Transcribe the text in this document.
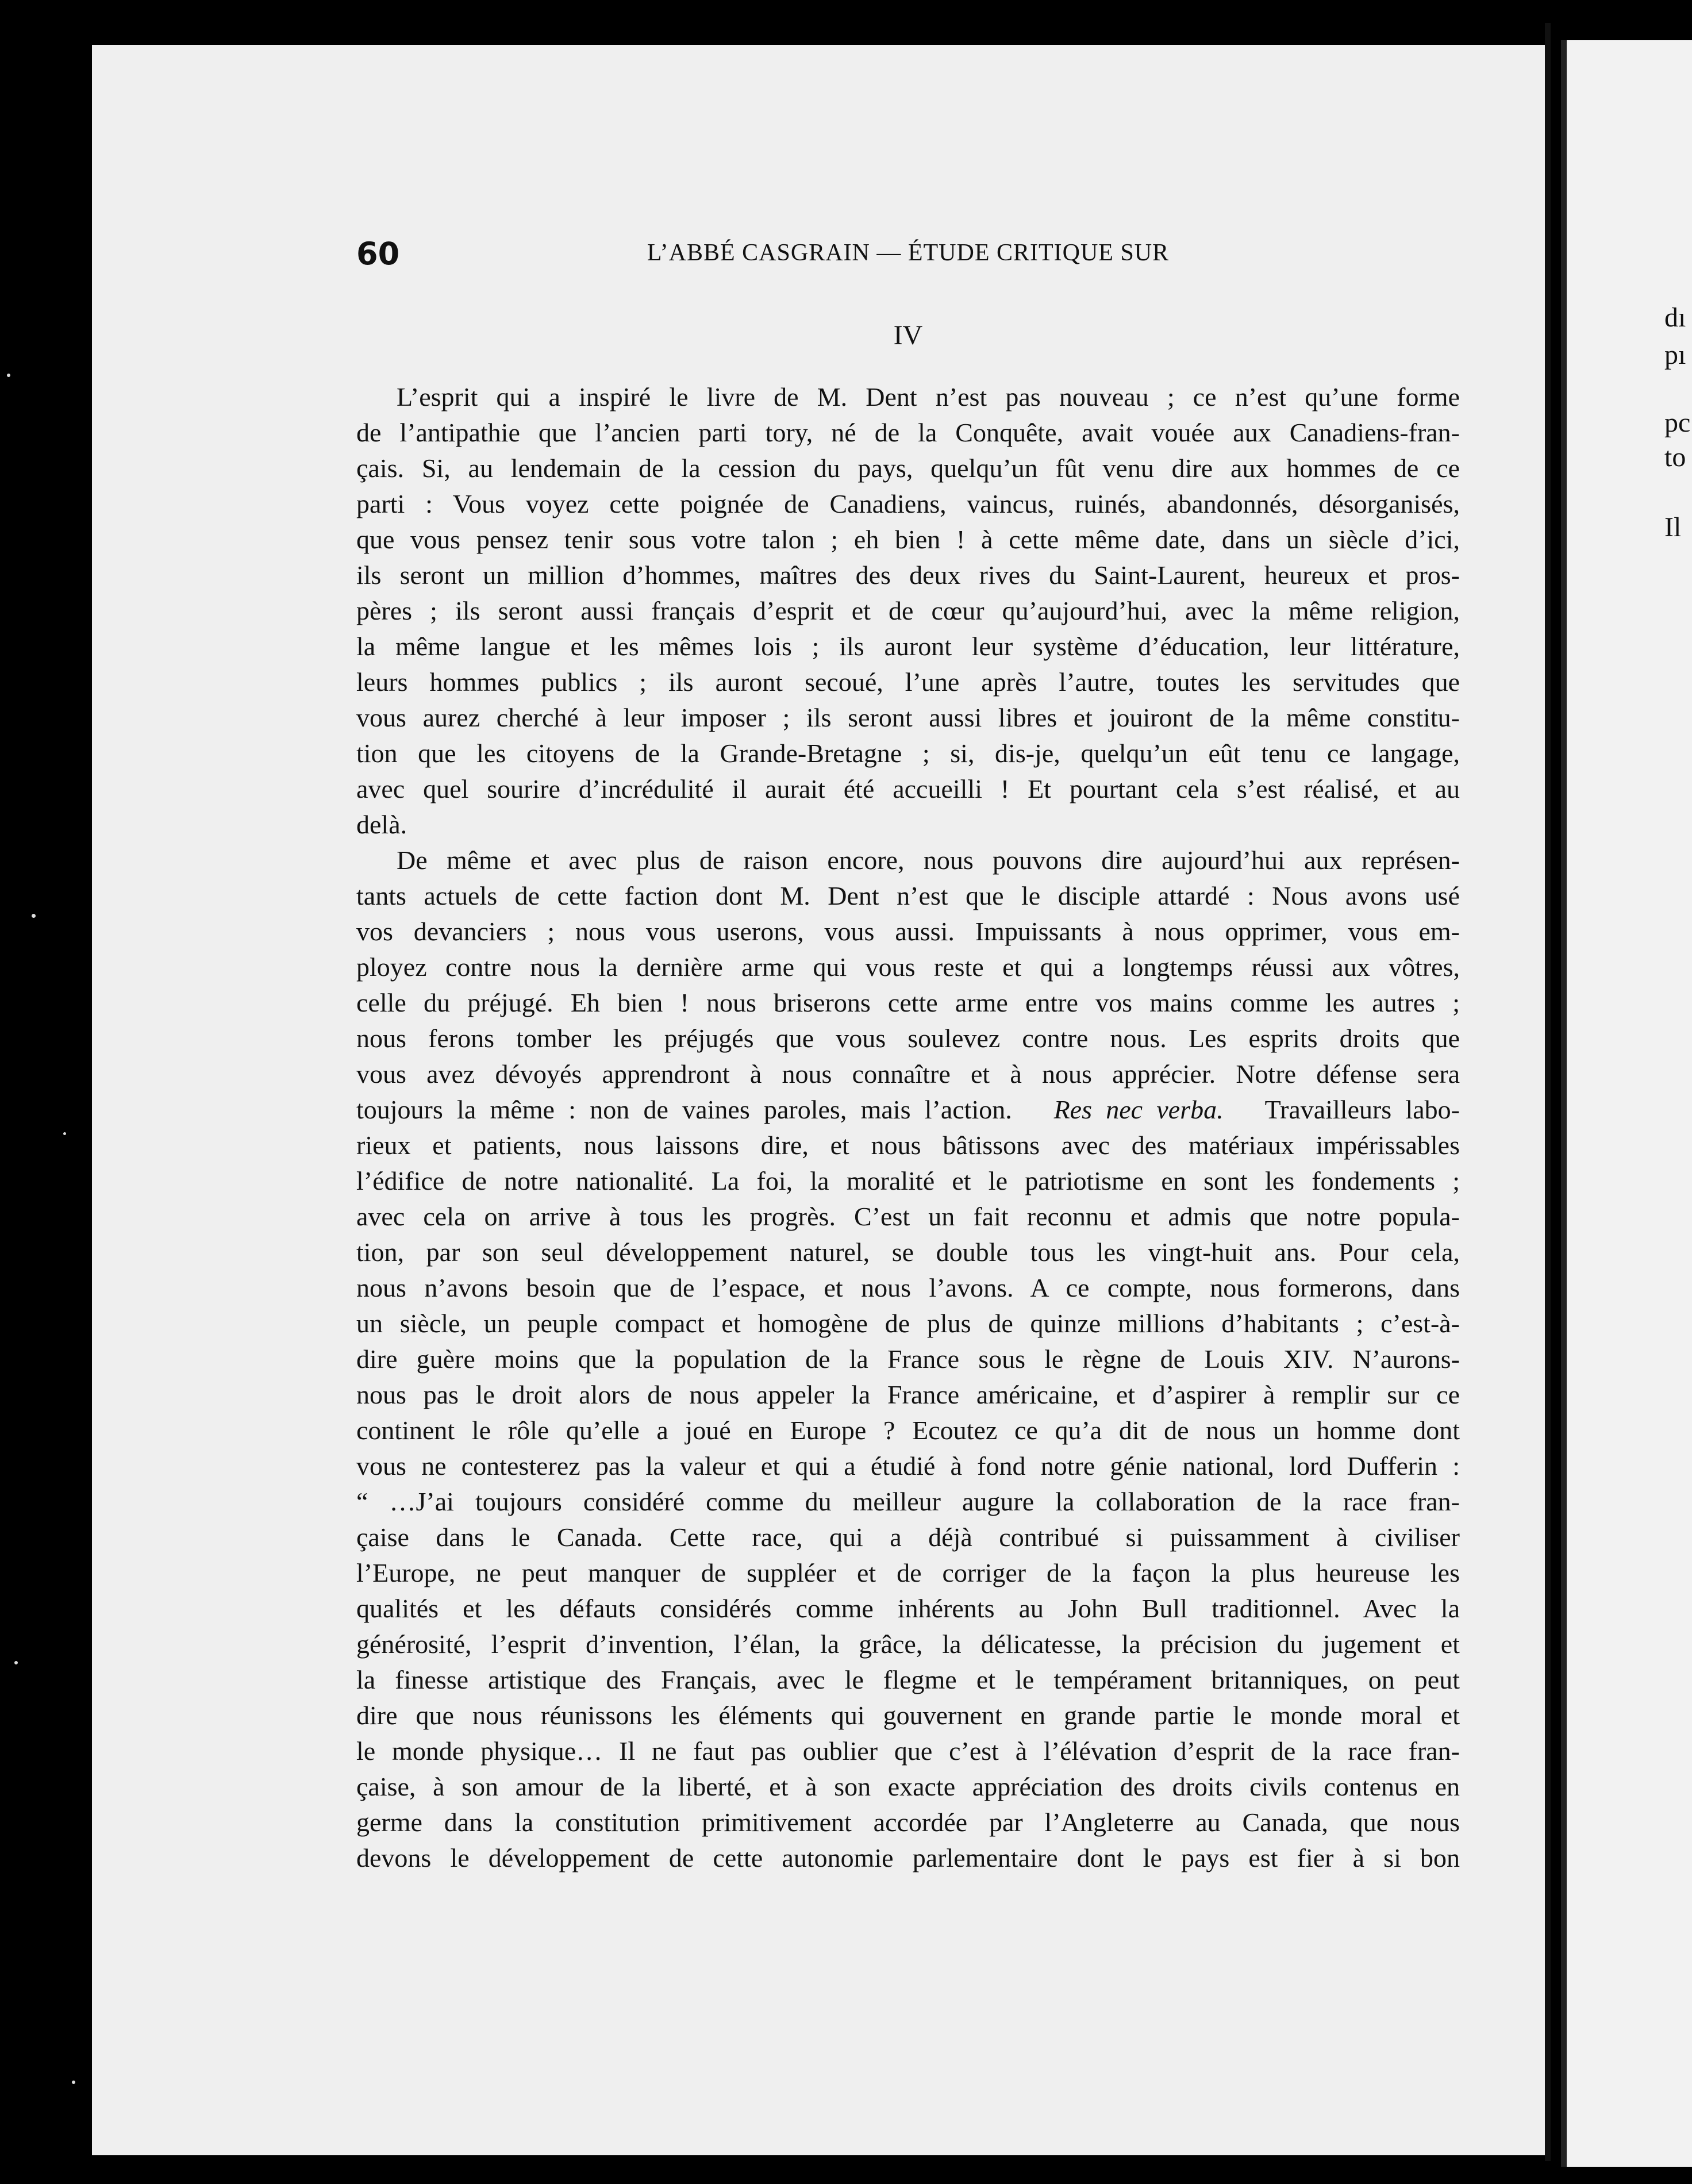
dı
pı
pc
to
Il
60	L’ABBÉ CASGRAIN — ÉTUDE CRITIQUE SUR
IV
L’esprit qui a inspiré le livre de M. Dent n’est pas nouveau ; ce n’est qu’une forme
de l’antipathie que l’ancien parti tory, né de la Conquête, avait vouée aux Canadiens-fran-
çais. Si, au lendemain de la cession du pays, quelqu’un fût venu dire aux hommes de ce
parti : Vous voyez cette poignée de Canadiens, vaincus, ruinés, abandonnés, désorganisés,
que vous pensez tenir sous votre talon ; eh bien ! à cette même date, dans un siècle d’ici,
ils seront un million d’hommes, maîtres des deux rives du Saint-Laurent, heureux et pros-
pères ; ils seront aussi français d’esprit et de cœur qu’aujourd’hui, avec la même religion,
la même langue et les mêmes lois ; ils auront leur système d’éducation, leur littérature,
leurs hommes publics ; ils auront secoué, l’une après l’autre, toutes les servitudes que
vous aurez cherché à leur imposer ; ils seront aussi libres et jouiront de la même constitu-
tion que les citoyens de la Grande-Bretagne ; si, dis-je, quelqu’un eût tenu ce langage,
avec quel sourire d’incrédulité il aurait été accueilli ! Et pourtant cela s’est réalisé, et au
delà.
De même et avec plus de raison encore, nous pouvons dire aujourd’hui aux représen-
tants actuels de cette faction dont M. Dent n’est que le disciple attardé : Nous avons usé
vos devanciers ; nous vous userons, vous aussi. Impuissants à nous opprimer, vous em-
ployez contre nous la dernière arme qui vous reste et qui a longtemps réussi aux vôtres,
celle du préjugé. Eh bien ! nous briserons cette arme entre vos mains comme les autres ;
nous ferons tomber les préjugés que vous soulevez contre nous. Les esprits droits que
vous avez dévoyés apprendront à nous connaître et à nous apprécier. Notre défense sera
toujours la même : non de vaines paroles, mais l’action. Res nec verba. Travailleurs labo-
rieux et patients, nous laissons dire, et nous bâtissons avec des matériaux impérissables
l’édifice de notre nationalité. La foi, la moralité et le patriotisme en sont les fondements ;
avec cela on arrive à tous les progrès. C’est un fait reconnu et admis que notre popula-
tion, par son seul développement naturel, se double tous les vingt-huit ans. Pour cela,
nous n’avons besoin que de l’espace, et nous l’avons. A ce compte, nous formerons, dans
un siècle, un peuple compact et homogène de plus de quinze millions d’habitants ; c’est-à-
dire guère moins que la population de la France sous le règne de Louis XIV. N’aurons-
nous pas le droit alors de nous appeler la France américaine, et d’aspirer à remplir sur ce
continent le rôle qu’elle a joué en Europe ? Ecoutez ce qu’a dit de nous un homme dont
vous ne contesterez pas la valeur et qui a étudié à fond notre génie national, lord Dufferin :
“ …J’ai toujours considéré comme du meilleur augure la collaboration de la race fran-
çaise dans le Canada. Cette race, qui a déjà contribué si puissamment à civiliser
l’Europe, ne peut manquer de suppléer et de corriger de la façon la plus heureuse les
qualités et les défauts considérés comme inhérents au John Bull traditionnel. Avec la
générosité, l’esprit d’invention, l’élan, la grâce, la délicatesse, la précision du jugement et
la finesse artistique des Français, avec le flegme et le tempérament britanniques, on peut
dire que nous réunissons les éléments qui gouvernent en grande partie le monde moral et
le monde physique… Il ne faut pas oublier que c’est à l’élévation d’esprit de la race fran-
çaise, à son amour de la liberté, et à son exacte appréciation des droits civils contenus en
germe dans la constitution primitivement accordée par l’Angleterre au Canada, que nous
devons le développement de cette autonomie parlementaire dont le pays est fier à si bon
